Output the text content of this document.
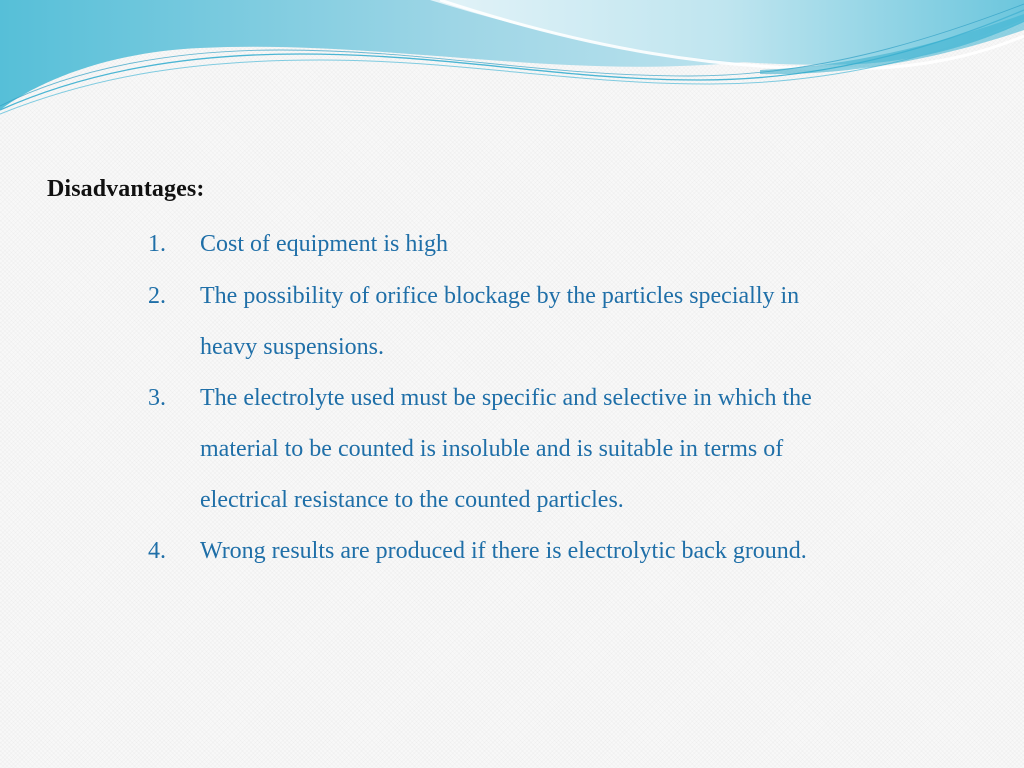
Disadvantages:
1. Cost of equipment is high
2. The possibility of orifice blockage by the particles specially in
heavy suspensions.
3. The electrolyte used must be specific and selective in which the
material to be counted is insoluble and is suitable in terms of
electrical resistance to the counted particles.
4. Wrong results are produced if there is electrolytic back ground.
